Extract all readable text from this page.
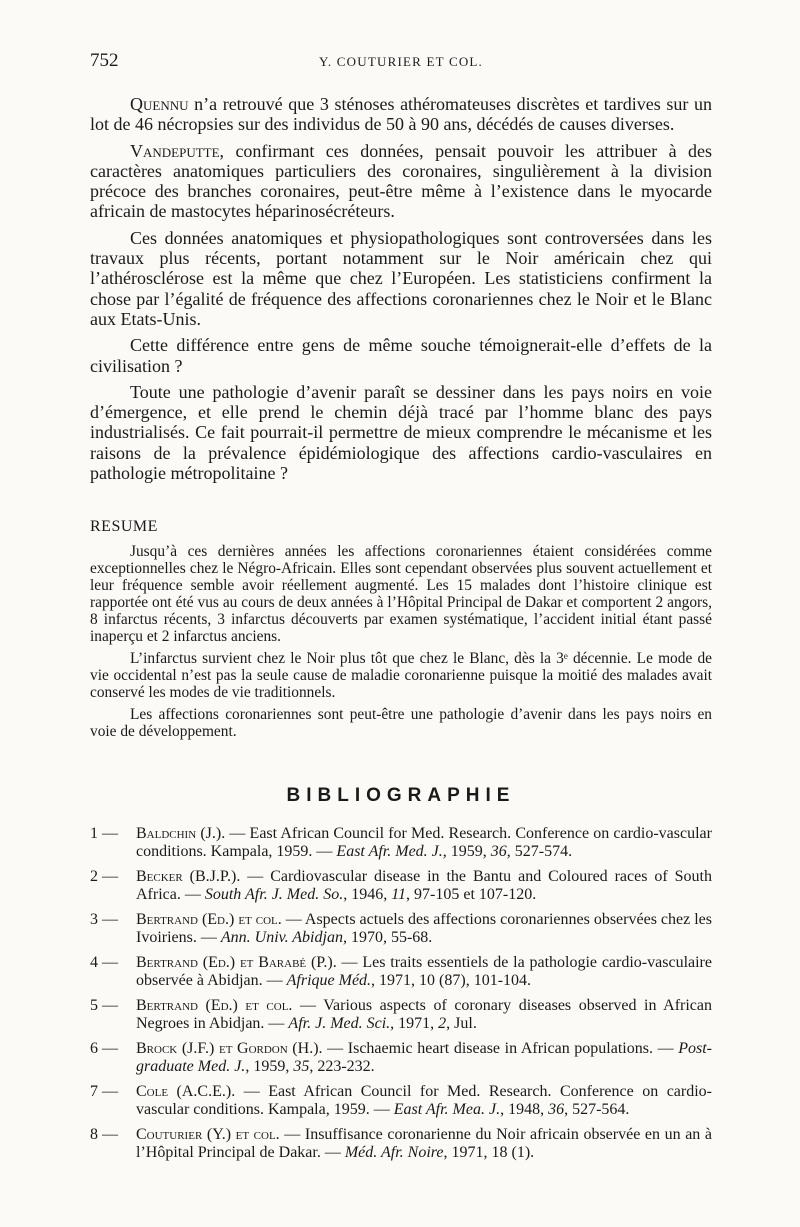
752	Y. COUTURIER ET COL.

Quennu n’a retrouvé que 3 sténoses athéromateuses discrètes et tardives sur un lot de 46 nécropsies sur des individus de 50 à 90 ans, décédés de causes diverses.

Vandeputte, confirmant ces données, pensait pouvoir les attribuer à des caractères anatomiques particuliers des coronaires, singulièrement à la division précoce des branches coronaires, peut-être même à l’existence dans le myocarde africain de mastocytes héparinosécréteurs.

Ces données anatomiques et physiopathologiques sont controversées dans les travaux plus récents, portant notamment sur le Noir américain chez qui l’athérosclérose est la même que chez l’Européen. Les statisticiens confirment la chose par l’égalité de fréquence des affections coronariennes chez le Noir et le Blanc aux Etats-Unis.

Cette différence entre gens de même souche témoignerait-elle d’effets de la civilisation ?

Toute une pathologie d’avenir paraît se dessiner dans les pays noirs en voie d’émergence, et elle prend le chemin déjà tracé par l’homme blanc des pays industrialisés. Ce fait pourrait-il permettre de mieux comprendre le mécanisme et les raisons de la prévalence épidémiologique des affections cardio-vasculaires en pathologie métropolitaine ?

RESUME

Jusqu’à ces dernières années les affections coronariennes étaient considérées comme exceptionnelles chez le Négro-Africain. Elles sont cependant observées plus souvent actuellement et leur fréquence semble avoir réellement augmenté. Les 15 malades dont l’histoire clinique est rapportée ont été vus au cours de deux années à l’Hôpital Principal de Dakar et comportent 2 angors, 8 infarctus récents, 3 infarctus découverts par examen systématique, l’accident initial étant passé inaperçu et 2 infarctus anciens.

L’infarctus survient chez le Noir plus tôt que chez le Blanc, dès la 3ᵉ décennie. Le mode de vie occidental n’est pas la seule cause de maladie coronarienne puisque la moitié des malades avait conservé les modes de vie traditionnels.

Les affections coronariennes sont peut-être une pathologie d’avenir dans les pays noirs en voie de développement.

BIBLIOGRAPHIE
1 —	Baldchin (J.). — East African Council for Med. Research. Conference on cardio-vascular conditions. Kampala, 1959. — East Afr. Med. J., 1959, 36, 527-574.
2 —	Becker (B.J.P.). — Cardiovascular disease in the Bantu and Coloured races of South Africa. — South Afr. J. Med. So., 1946, 11, 97-105 et 107-120.
3 —	Bertrand (Ed.) et col. — Aspects actuels des affections coronariennes observées chez les Ivoiriens. — Ann. Univ. Abidjan, 1970, 55-68.
4 —	Bertrand (Ed.) et Barabé (P.). — Les traits essentiels de la pathologie cardio-vasculaire observée à Abidjan. — Afrique Méd., 1971, 10 (87), 101-104.
5 —	Bertrand (Ed.) et col. — Various aspects of coronary diseases observed in African Negroes in Abidjan. — Afr. J. Med. Sci., 1971, 2, Jul.
6 —	Brock (J.F.) et Gordon (H.). — Ischaemic heart disease in African populations. — Post-graduate Med. J., 1959, 35, 223-232.
7 —	Cole (A.C.E.). — East African Council for Med. Research. Conference on cardio-vascular conditions. Kampala, 1959. — East Afr. Mea. J., 1948, 36, 527-564.
8 —	Couturier (Y.) et col. — Insuffisance coronarienne du Noir africain observée en un an à l’Hôpital Principal de Dakar. — Méd. Afr. Noire, 1971, 18 (1).
